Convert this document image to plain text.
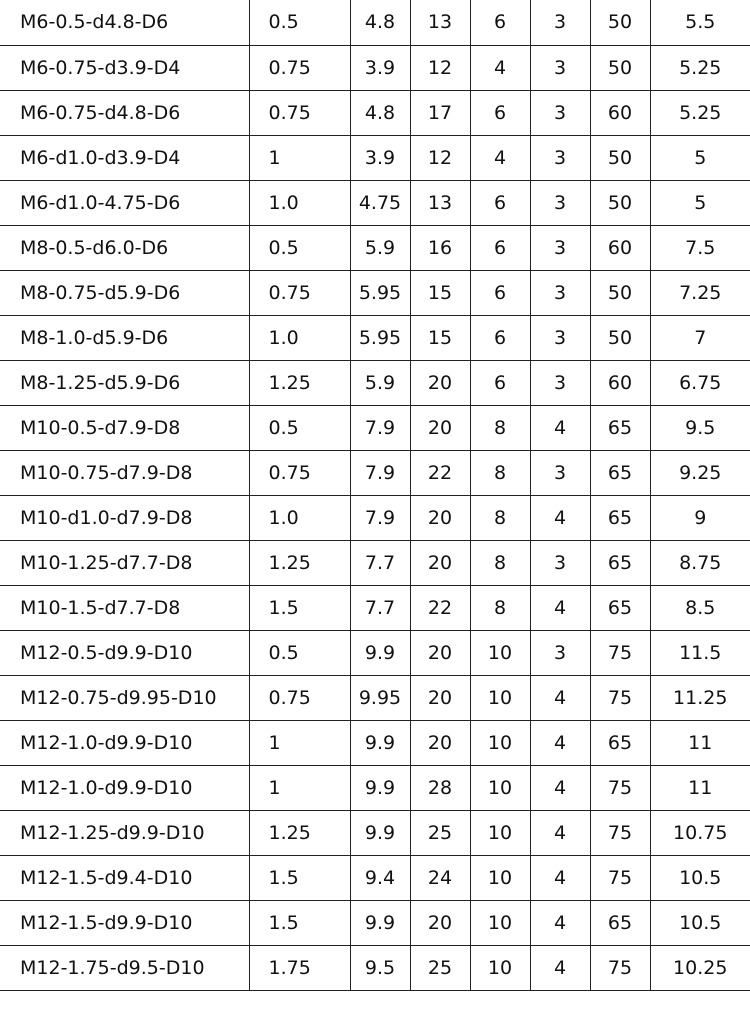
M6-0.5-d4.8-D6	0.5	4.8	13	6	3	50	5.5
M6-0.75-d3.9-D4	0.75	3.9	12	4	3	50	5.25
M6-0.75-d4.8-D6	0.75	4.8	17	6	3	60	5.25
M6-d1.0-d3.9-D4	1	3.9	12	4	3	50	5
M6-d1.0-4.75-D6	1.0	4.75	13	6	3	50	5
M8-0.5-d6.0-D6	0.5	5.9	16	6	3	60	7.5
M8-0.75-d5.9-D6	0.75	5.95	15	6	3	50	7.25
M8-1.0-d5.9-D6	1.0	5.95	15	6	3	50	7
M8-1.25-d5.9-D6	1.25	5.9	20	6	3	60	6.75
M10-0.5-d7.9-D8	0.5	7.9	20	8	4	65	9.5
M10-0.75-d7.9-D8	0.75	7.9	22	8	3	65	9.25
M10-d1.0-d7.9-D8	1.0	7.9	20	8	4	65	9
M10-1.25-d7.7-D8	1.25	7.7	20	8	3	65	8.75
M10-1.5-d7.7-D8	1.5	7.7	22	8	4	65	8.5
M12-0.5-d9.9-D10	0.5	9.9	20	10	3	75	11.5
M12-0.75-d9.95-D10	0.75	9.95	20	10	4	75	11.25
M12-1.0-d9.9-D10	1	9.9	20	10	4	65	11
M12-1.0-d9.9-D10	1	9.9	28	10	4	75	11
M12-1.25-d9.9-D10	1.25	9.9	25	10	4	75	10.75
M12-1.5-d9.4-D10	1.5	9.4	24	10	4	75	10.5
M12-1.5-d9.9-D10	1.5	9.9	20	10	4	65	10.5
M12-1.75-d9.5-D10	1.75	9.5	25	10	4	75	10.25
